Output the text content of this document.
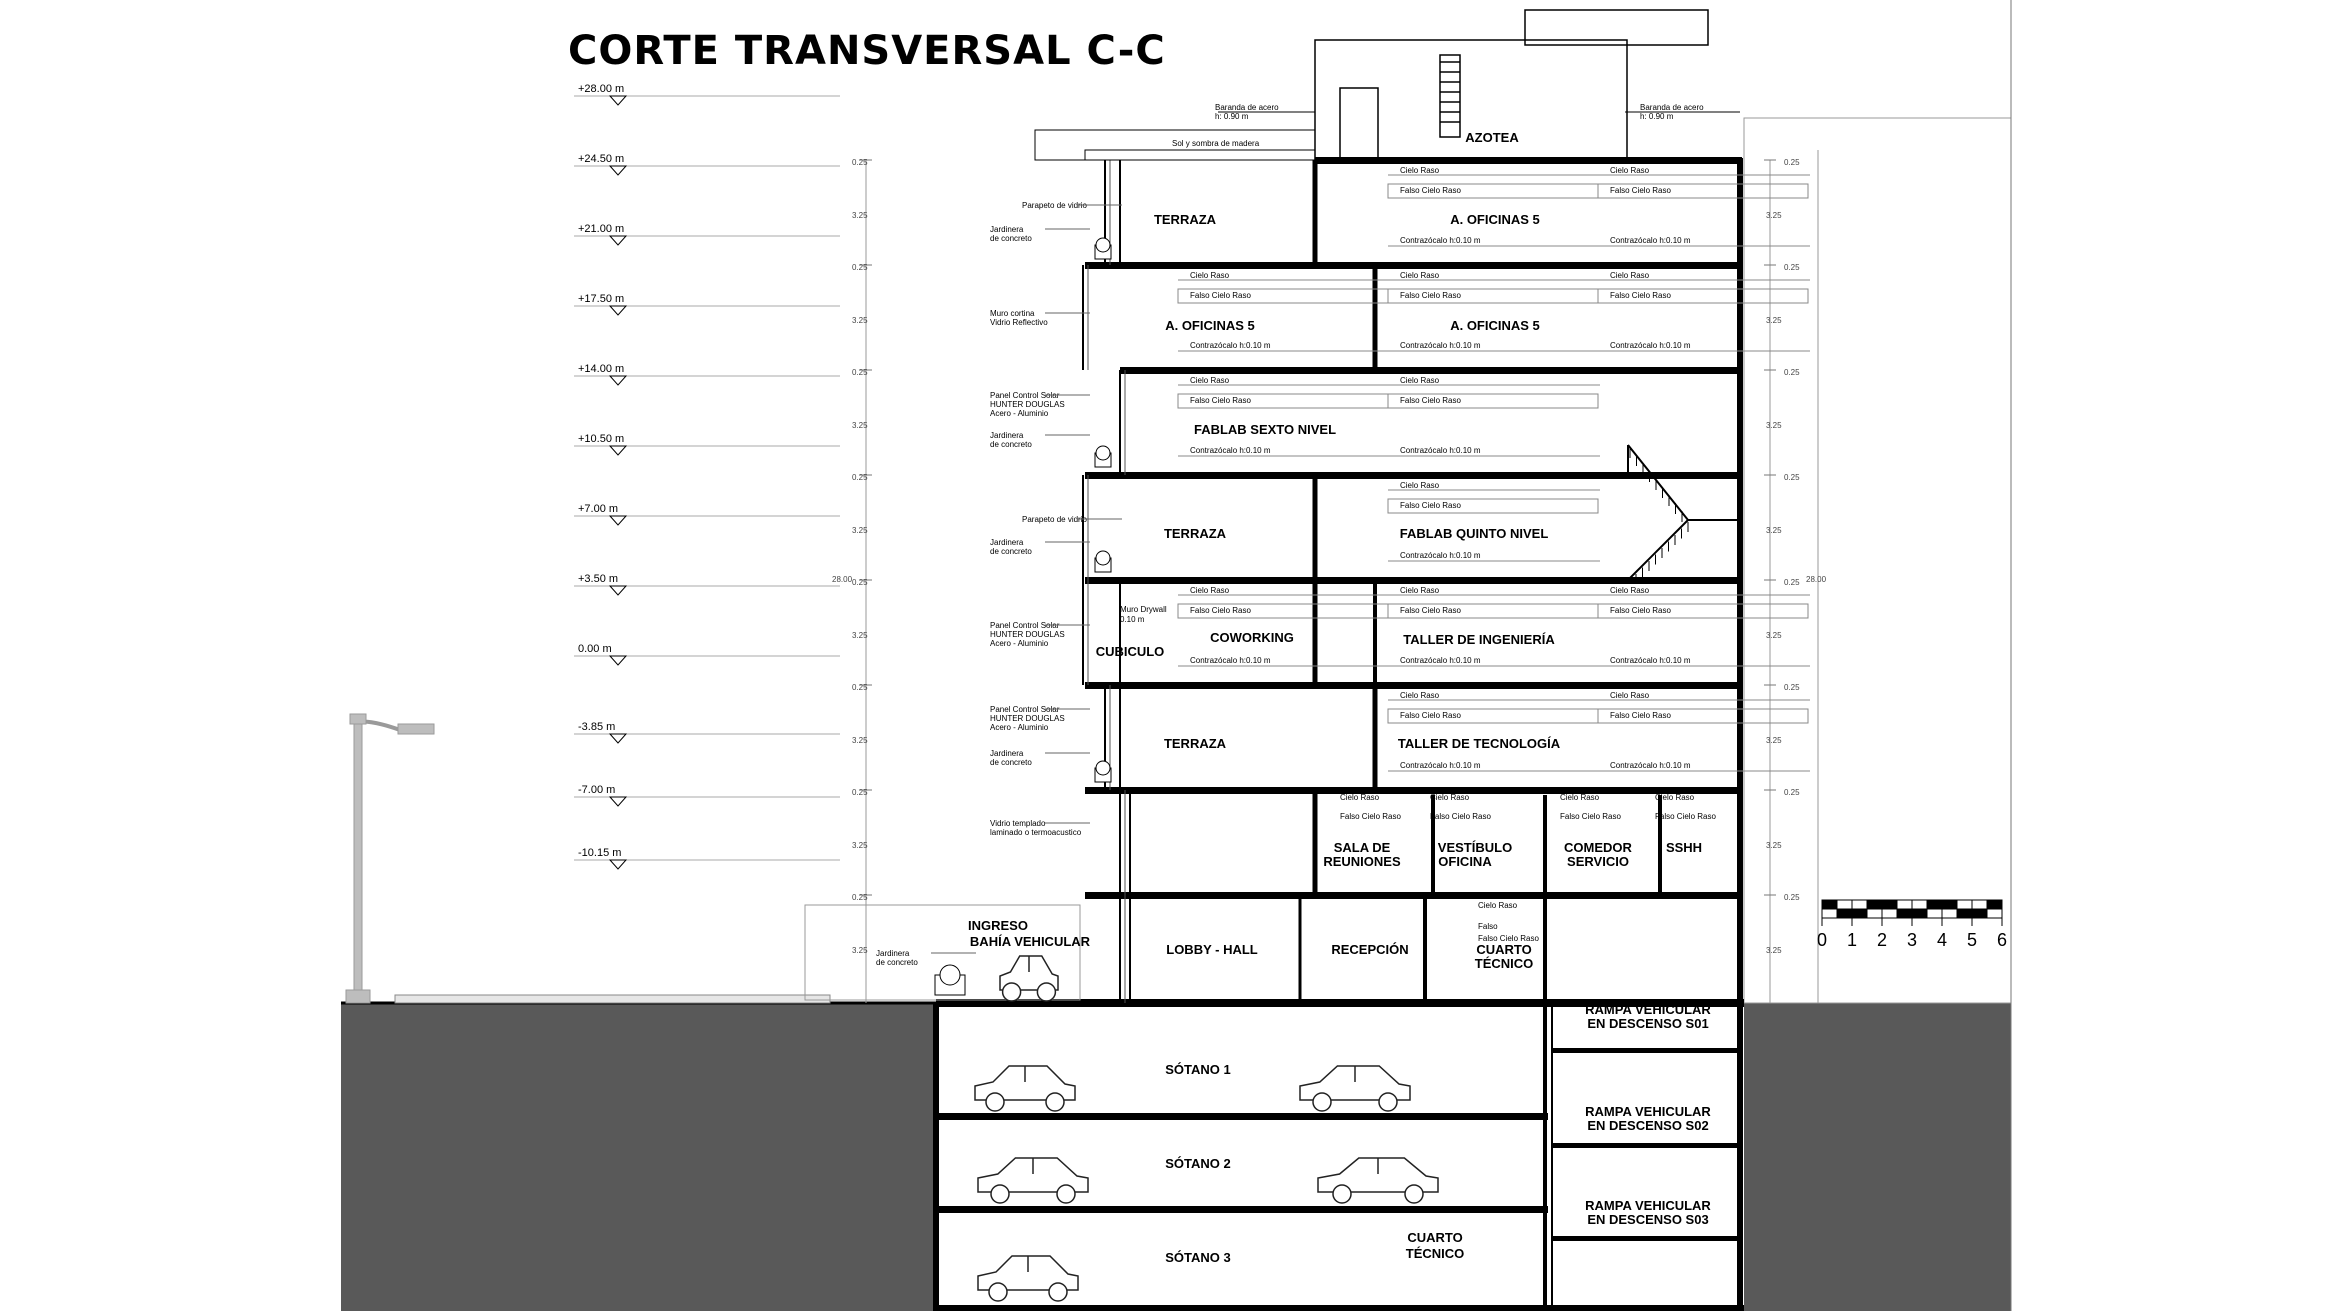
CORTE TRANSVERSAL C-C
+28.00 m
+24.50 m
+21.00 m
+17.50 m
+14.00 m
+10.50 m
+7.00 m
+3.50 m
0.00 m
-3.85 m
-7.00 m
-10.15 m
0.25
3.25
0.25
3.25
0.25
3.25
0.25
3.25
0.25
3.25
0.25
3.25
0.25
3.25
0.25
3.25
0.25
3.25
0.25
3.25
0.25
3.25
0.25
3.25
0.25
3.25
0.25
3.25
0.25
3.25
0.25
3.25
28.00	28.00
Cielo Raso
Falso Cielo Raso
Contrazócalo h:0.10 m
Cielo Raso
Falso Cielo Raso
Contrazócalo h:0.10 m
Cielo Raso
Falso Cielo Raso
Contrazócalo h:0.10 m
Cielo Raso
Falso Cielo Raso
Contrazócalo h:0.10 m
Cielo Raso
Falso Cielo Raso
Contrazócalo h:0.10 m
Cielo Raso
Falso Cielo Raso
Contrazócalo h:0.10 m
Cielo Raso
Falso Cielo Raso
Contrazócalo h:0.10 m
Cielo Raso
Falso Cielo Raso
Contrazócalo h:0.10 m
Cielo Raso
Falso Cielo Raso
Contrazócalo h:0.10 m
Cielo Raso
Falso Cielo Raso
Contrazócalo h:0.10 m
Cielo Raso
Falso Cielo Raso
Contrazócalo h:0.10 m
Cielo Raso
Falso Cielo Raso
Contrazócalo h:0.10 m
Cielo Raso
Falso Cielo Raso
Contrazócalo h:0.10 m
Cielo Raso
Falso Cielo Raso
Cielo Raso
Falso Cielo Raso
Cielo Raso
Falso Cielo Raso
Cielo Raso
Falso Cielo Raso
Cielo Raso
Falso
Falso Cielo Raso
Parapeto de vidrio
Jardinera
de concreto
Muro cortina
Vidrio Reflectivo
Panel Control Solar
HUNTER DOUGLAS
Acero - Aluminio
Jardinera
de concreto
Parapeto de vidrio
Jardinera
de concreto
Panel Control Solar
HUNTER DOUGLAS
Acero - Aluminio
Panel Control Solar
HUNTER DOUGLAS
Acero - Aluminio
Jardinera
de concreto
Vidrio templado
laminado o termoacustico
Jardinera
de concreto
Muro Drywall
0.10 m
Baranda de acero
h: 0.90 m
Baranda de acero
h: 0.90 m
Sol y sombra de madera	AZOTEA
TERRAZA	A. OFICINAS 5
A. OFICINAS 5	A. OFICINAS 5
FABLAB SEXTO NIVEL
TERRAZA	FABLAB QUINTO NIVEL
CUBICULO
COWORKING	TALLER DE INGENIERÍA
TERRAZA	TALLER DE TECNOLOGÍA
SALA DE
REUNIONES
VESTÍBULO
OFICINA
COMEDOR
SERVICIO
SSHH
LOBBY - HALL	RECEPCIÓN	CUARTO
TÉCNICO
INGRESO
BAHÍA VEHICULAR
SÓTANO 1
SÓTANO 2
SÓTANO 3
CUARTO
TÉCNICO
RAMPA VEHICULAR
EN DESCENSO S01
RAMPA VEHICULAR
EN DESCENSO S02
RAMPA VEHICULAR
EN DESCENSO S03
0 1 2 3 4 5 6
